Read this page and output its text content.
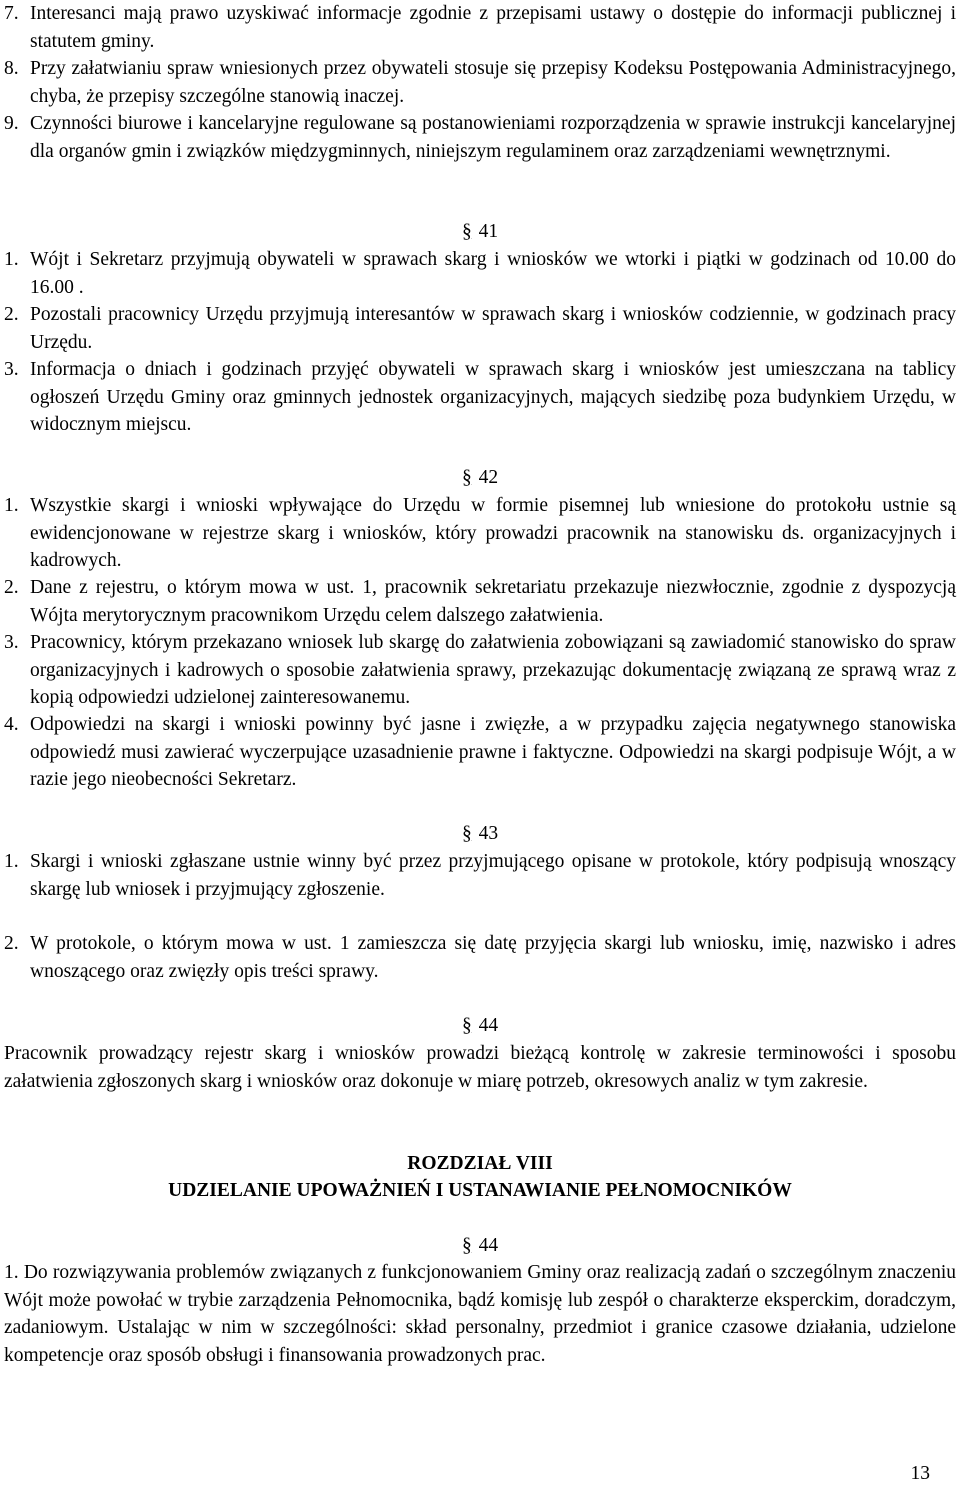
7. Interesanci mają prawo uzyskiwać informacje zgodnie z przepisami ustawy o dostępie do informacji publicznej i statutem gminy.
8. Przy załatwianiu spraw wniesionych przez obywateli stosuje się przepisy Kodeksu Postępowania Administracyjnego, chyba, że przepisy szczególne stanowią inaczej.
9. Czynności biurowe i kancelaryjne regulowane są postanowieniami rozporządzenia w sprawie instrukcji kancelaryjnej dla organów gmin i związków międzygminnych, niniejszym regulaminem oraz zarządzeniami wewnętrznymi.
§ 41
1. Wójt i Sekretarz przyjmują obywateli w sprawach skarg i wniosków we wtorki i piątki w godzinach od 10.00 do 16.00 .
2. Pozostali pracownicy Urzędu przyjmują interesantów w sprawach skarg i wniosków codziennie, w godzinach pracy Urzędu.
3. Informacja o dniach i godzinach przyjęć obywateli w sprawach skarg i wniosków jest umieszczana na tablicy ogłoszeń Urzędu Gminy oraz gminnych jednostek organizacyjnych, mających siedzibę poza budynkiem Urzędu, w widocznym miejscu.
§ 42
1. Wszystkie skargi i wnioski wpływające do Urzędu w formie pisemnej lub wniesione do protokołu ustnie są ewidencjonowane w rejestrze skarg i wniosków, który prowadzi pracownik na stanowisku ds. organizacyjnych i kadrowych.
2. Dane z rejestru, o którym mowa w ust. 1, pracownik sekretariatu przekazuje niezwłocznie, zgodnie z dyspozycją Wójta merytorycznym pracownikom Urzędu celem dalszego załatwienia.
3. Pracownicy, którym przekazano wniosek lub skargę do załatwienia zobowiązani są zawiadomić stanowisko do spraw organizacyjnych i kadrowych o sposobie załatwienia sprawy, przekazując dokumentację związaną ze sprawą wraz z kopią odpowiedzi udzielonej zainteresowanemu.
4. Odpowiedzi na skargi i wnioski powinny być jasne i zwięzłe, a w przypadku zajęcia negatywnego stanowiska odpowiedź musi zawierać wyczerpujące uzasadnienie prawne i faktyczne. Odpowiedzi na skargi podpisuje Wójt, a w razie jego nieobecności Sekretarz.
§ 43
1. Skargi i wnioski zgłaszane ustnie winny być przez przyjmującego opisane w protokole, który podpisują wnoszący skargę lub wniosek i przyjmujący zgłoszenie.
2. W protokole, o którym mowa w ust. 1 zamieszcza się datę przyjęcia skargi lub wniosku, imię, nazwisko i adres wnoszącego oraz zwięzły opis treści sprawy.
§ 44
Pracownik prowadzący rejestr skarg i wniosków prowadzi bieżącą kontrolę w zakresie terminowości i sposobu załatwienia zgłoszonych skarg i wniosków oraz dokonuje w miarę potrzeb, okresowych analiz w tym zakresie.
ROZDZIAŁ VIII
UDZIELANIE UPOWAŻNIEŃ I USTANAWIANIE PEŁNOMOCNIKÓW
§ 44
1. Do rozwiązywania problemów związanych z funkcjonowaniem Gminy oraz realizacją zadań o szczególnym znaczeniu Wójt może powołać w trybie zarządzenia Pełnomocnika, bądź komisję lub zespół o charakterze eksperckim, doradczym, zadaniowym. Ustalając w nim w szczególności: skład personalny, przedmiot i granice czasowe działania, udzielone kompetencje oraz sposób obsługi i finansowania prowadzonych prac.
13
